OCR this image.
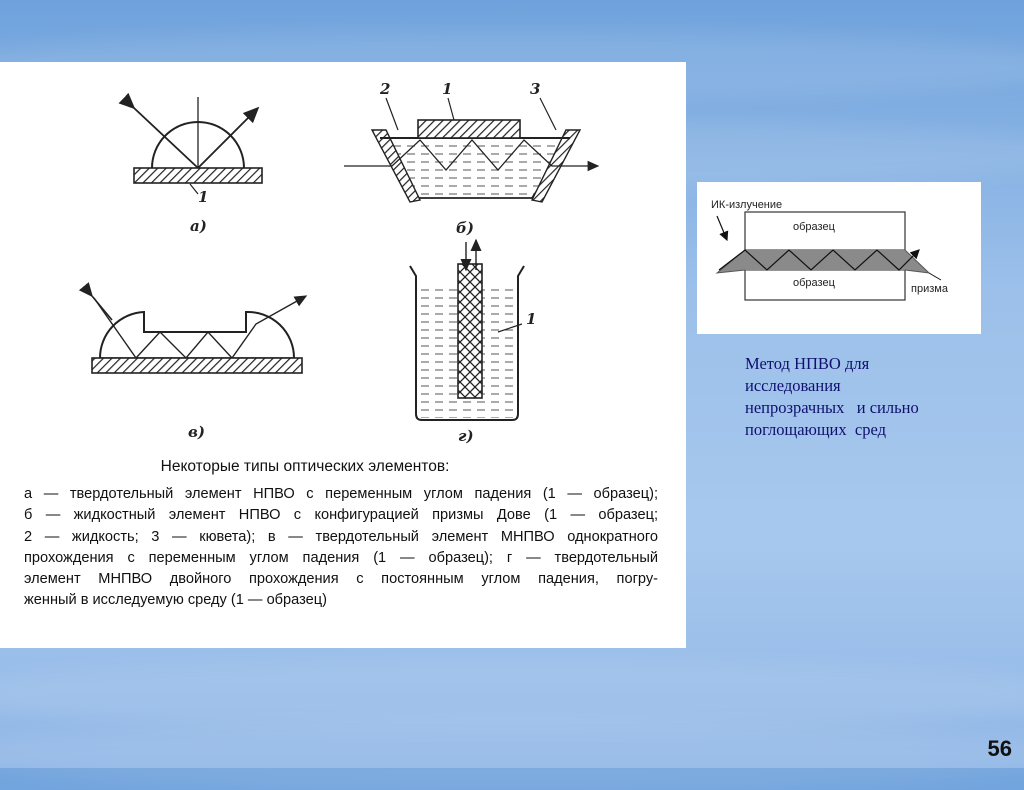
а)	б)
в)	г)
1
2	1	3
1
Некоторые типы оптических элементов:
а — твердотельный элемент НПВО с переменным углом падения (1 — образец);
б — жидкостный элемент НПВО с конфигурацией призмы Дове (1 — образец;
2 — жидкость; 3 — кювета); в — твердотельный элемент МНПВО однократного
прохождения с переменным углом падения (1 — образец); г — твердотельный
элемент МНПВО двойного прохождения с постоянным углом падения, погру-
женный в исследуемую среду (1 — образец)
ИК-излучение
образец
образец	призма
Метод НПВО для
исследования
непрозрачных   и сильно
поглощающих  сред
56
